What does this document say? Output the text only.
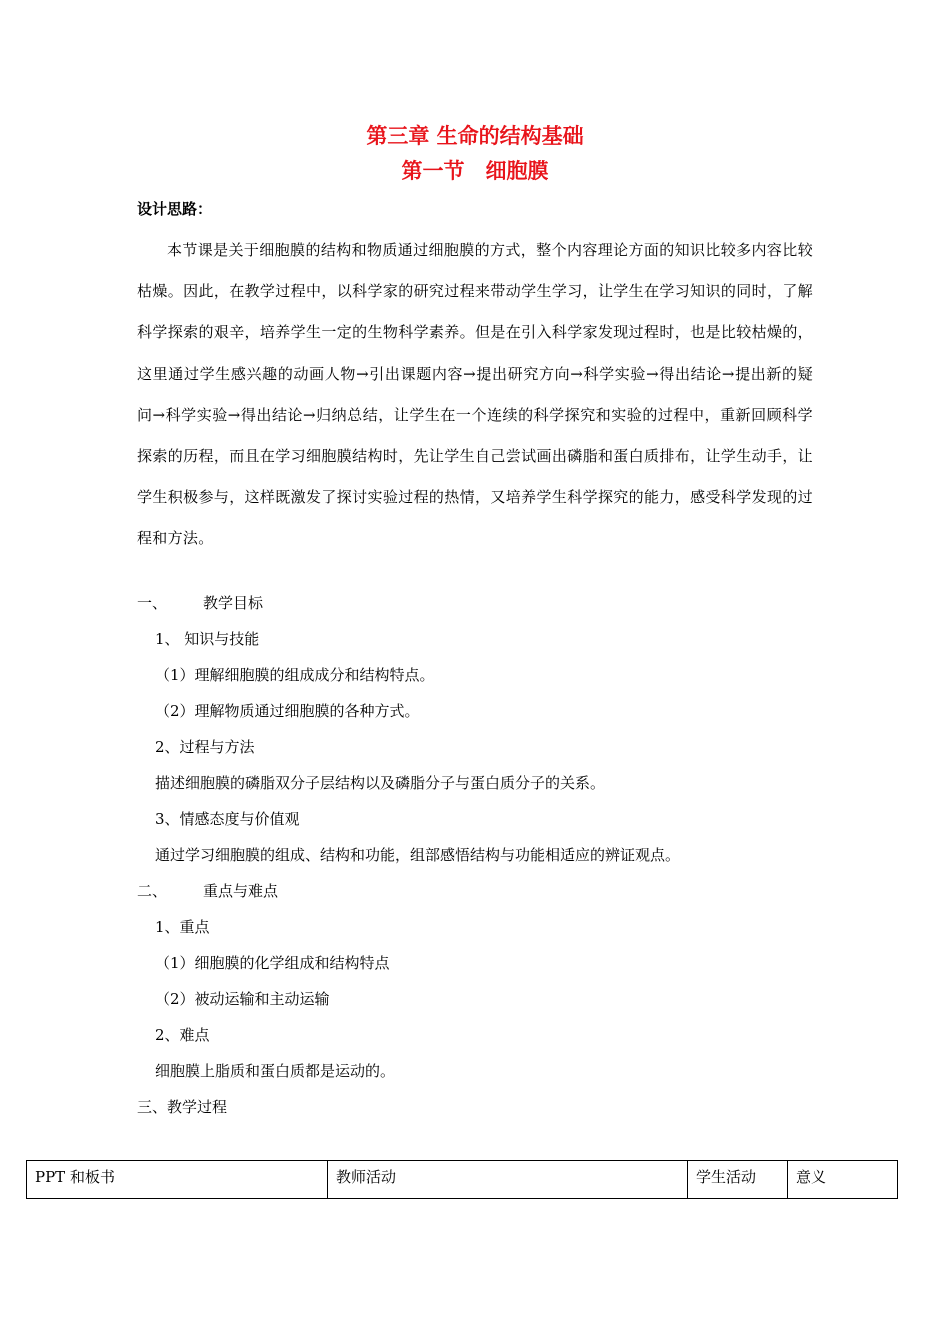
第三章 生命的结构基础
第一节　细胞膜
设计思路：
本节课是关于细胞膜的结构和物质通过细胞膜的方式，整个内容理论方面的知识比较多内容比较枯燥。因此，在教学过程中，以科学家的研究过程来带动学生学习，让学生在学习知识的同时，了解科学探索的艰辛，培养学生一定的生物科学素养。但是在引入科学家发现过程时，也是比较枯燥的，这里通过学生感兴趣的动画人物→引出课题内容→提出研究方向→科学实验→得出结论→提出新的疑问→科学实验→得出结论→归纳总结，让学生在一个连续的科学探究和实验的过程中，重新回顾科学探索的历程，而且在学习细胞膜结构时，先让学生自己尝试画出磷脂和蛋白质排布，让学生动手，让学生积极参与，这样既激发了探讨实验过程的热情，又培养学生科学探究的能力，感受科学发现的过程和方法。
一、 教学目标
1、 知识与技能
（1）理解细胞膜的组成成分和结构特点。
（2）理解物质通过细胞膜的各种方式。
2、过程与方法
描述细胞膜的磷脂双分子层结构以及磷脂分子与蛋白质分子的关系。
3、情感态度与价值观
通过学习细胞膜的组成、结构和功能，组部感悟结构与功能相适应的辨证观点。
二、 重点与难点
1、重点
（1）细胞膜的化学组成和结构特点
（2）被动运输和主动运输
2、难点
细胞膜上脂质和蛋白质都是运动的。
三、教学过程
PPT 和板书	教师活动	学生活动	意义
